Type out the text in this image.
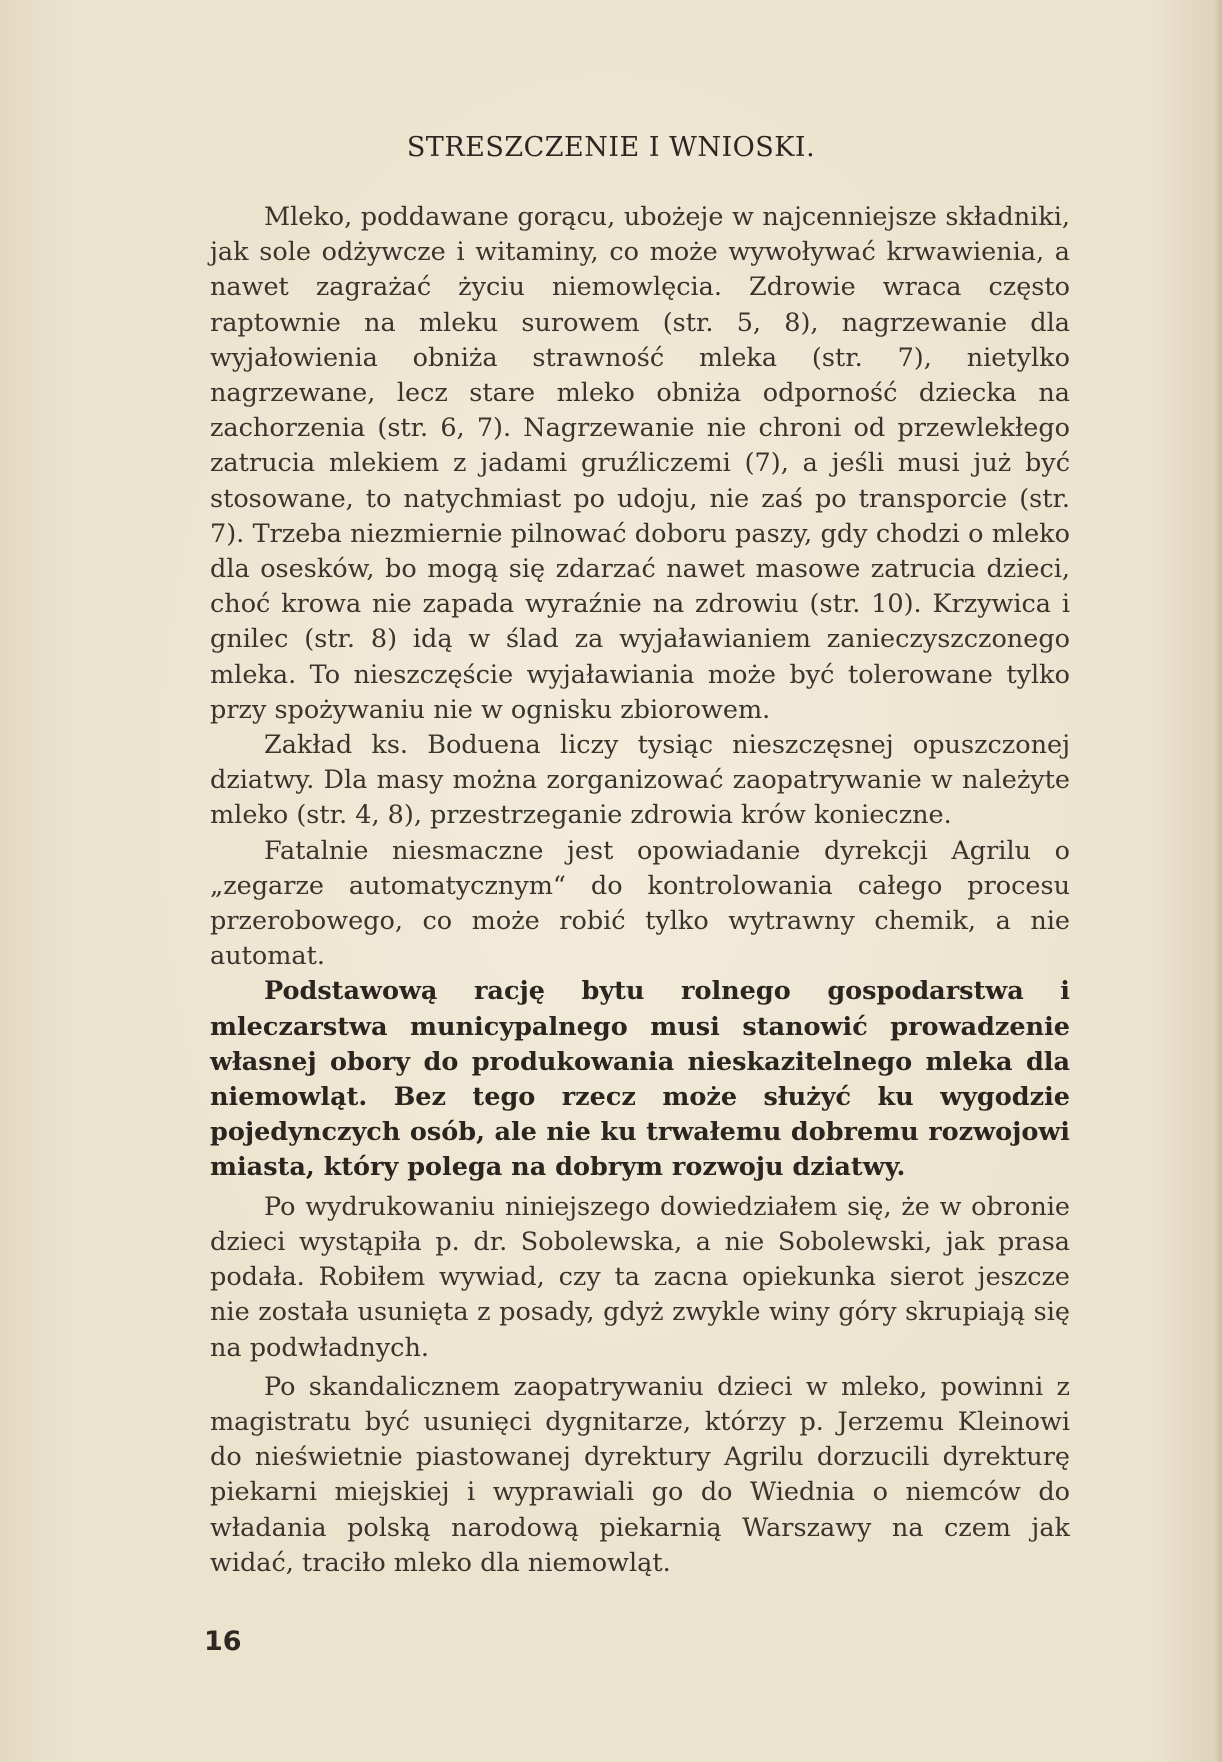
STRESZCZENIE I WNIOSKI.

Mleko, poddawane gorącu, ubożeje w najcenniejsze składniki, jak sole odżywcze i witaminy, co może wywoływać krwawienia, a nawet zagrażać życiu niemowlęcia. Zdrowie wraca często raptownie na mleku surowem (str. 5, 8), nagrzewanie dla wyjałowienia obniża strawność mleka (str. 7), nietylko nagrzewane, lecz stare mleko obniża odporność dziecka na zachorzenia (str. 6, 7). Nagrzewanie nie chroni od przewlekłego zatrucia mlekiem z jadami gruźliczemi (7), a jeśli musi już być stosowane, to natychmiast po udoju, nie zaś po transporcie (str. 7). Trzeba niezmiernie pilnować doboru paszy, gdy chodzi o mleko dla osesków, bo mogą się zdarzać nawet masowe zatrucia dzieci, choć krowa nie zapada wyraźnie na zdrowiu (str. 10). Krzywica i gnilec (str. 8) idą w ślad za wyjaławianiem zanieczyszczonego mleka. To nieszczęście wyjaławiania może być tolerowane tylko przy spożywaniu nie w ognisku zbiorowem.

Zakład ks. Boduena liczy tysiąc nieszczęsnej opuszczonej dziatwy. Dla masy można zorganizować zaopatrywanie w należyte mleko (str. 4, 8), przestrzeganie zdrowia krów konieczne.

Fatalnie niesmaczne jest opowiadanie dyrekcji Agrilu o „zegarze automatycznym“ do kontrolowania całego procesu przerobowego, co może robić tylko wytrawny chemik, a nie automat.

Podstawową rację bytu rolnego gospodarstwa i mleczarstwa municypalnego musi stanowić prowadzenie własnej obory do produkowania nieskazitelnego mleka dla niemowląt. Bez tego rzecz może służyć ku wygodzie pojedynczych osób, ale nie ku trwałemu dobremu rozwojowi miasta, który polega na dobrym rozwoju dziatwy.

Po wydrukowaniu niniejszego dowiedziałem się, że w obronie dzieci wystąpiła p. dr. Sobolewska, a nie Sobolewski, jak prasa podała. Robiłem wywiad, czy ta zacna opiekunka sierot jeszcze nie została usunięta z posady, gdyż zwykle winy góry skrupiają się na podwładnych.

Po skandalicznem zaopatrywaniu dzieci w mleko, powinni z magistratu być usunięci dygnitarze, którzy p. Jerzemu Kleinowi do nieświetnie piastowanej dyrektury Agrilu dorzucili dyrekturę piekarni miejskiej i wyprawiali go do Wiednia o niemców do władania polską narodową piekarnią Warszawy na czem jak widać, traciło mleko dla niemowląt.

16
